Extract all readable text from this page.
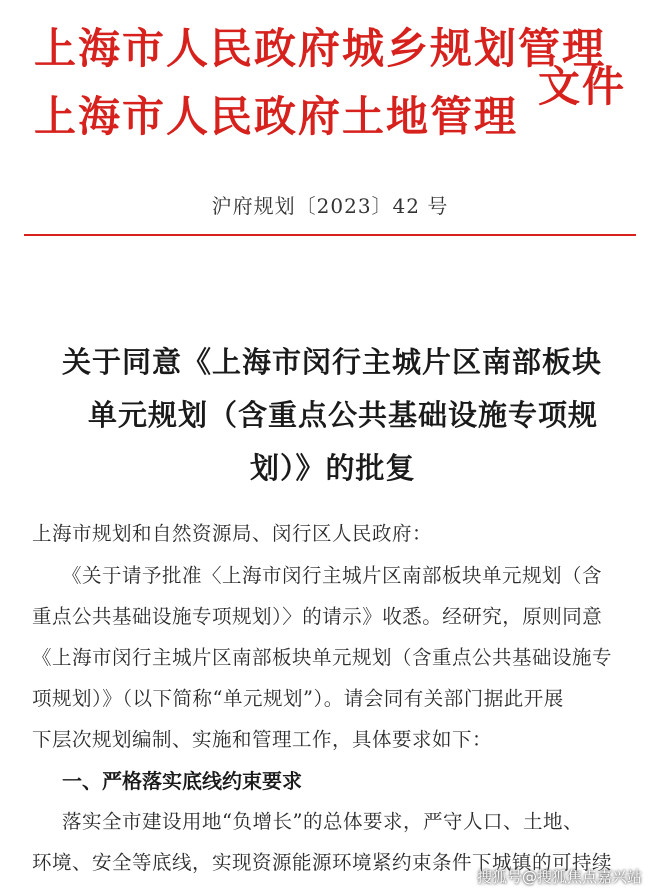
上海市人民政府城乡规划管理
上海市人民政府土地管理
文件
沪府规划〔2023〕42 号
关于同意《上海市闵行主城片区南部板块
单元规划（含重点公共基础设施专项规
划）》的批复
上海市规划和自然资源局、闵行区人民政府：
《关于请予批准〈上海市闵行主城片区南部板块单元规划（含
重点公共基础设施专项规划）〉的请示》收悉。经研究，原则同意
《上海市闵行主城片区南部板块单元规划（含重点公共基础设施专
项规划）》（以下简称“单元规划”）。请会同有关部门据此开展
下层次规划编制、实施和管理工作，具体要求如下：
一、严格落实底线约束要求
落实全市建设用地“负增长”的总体要求，严守人口、土地、
环境、安全等底线，实现资源能源环境紧约束条件下城镇的可持续
搜狐号@搜狐焦点嘉兴站
